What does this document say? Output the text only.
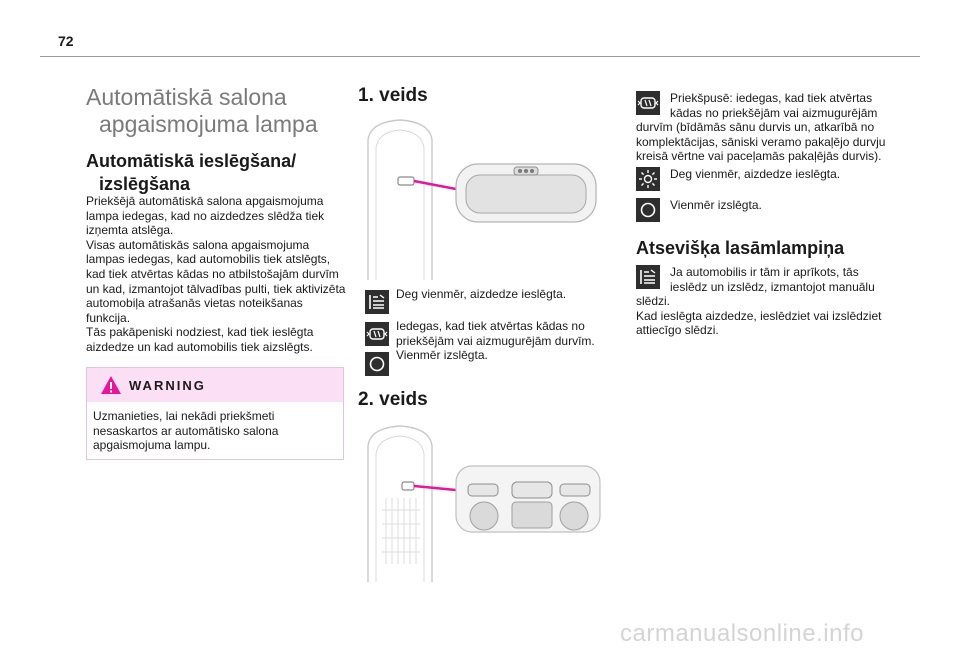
72
Automātiskā salona
apgaismojuma lampa
Automātiskā ieslēgšana/
izslēgšana
Priekšējā automātiskā salona apgaismojuma
lampa iedegas, kad no aizdedzes slēdža tiek
izņemta atslēga.
Visas automātiskās salona apgaismojuma
lampas iedegas, kad automobilis tiek atslēgts,
kad tiek atvērtas kādas no atbilstošajām durvīm
un kad, izmantojot tālvadības pulti, tiek aktivizēta
automobiļa atrašanās vietas noteikšanas
funkcija.
Tās pakāpeniski nodziest, kad tiek ieslēgta
aizdedze un kad automobilis tiek aizslēgts.
WARNING
Uzmanieties, lai nekādi priekšmeti
nesaskartos ar automātisko salona
apgaismojuma lampu.
1. veids
Deg vienmēr, aizdedze ieslēgta.
Iedegas, kad tiek atvērtas kādas no
priekšējām vai aizmugurējām durvīm.
Vienmēr izslēgta.
2. veids
Priekšpusē: iedegas, kad tiek atvērtas
kādas no priekšējām vai aizmugurējām
durvīm (bīdāmās sānu durvis un, atkarībā no
komplektācijas, sāniski veramo pakaļējo durvju
kreisā vērtne vai paceļamās pakaļējās durvis).
Deg vienmēr, aizdedze ieslēgta.
Vienmēr izslēgta.
Atsevišķa lasāmlampiņa
Ja automobilis ir tām ir aprīkots, tās
ieslēdz un izslēdz, izmantojot manuālu
slēdzi.
Kad ieslēgta aizdedze, ieslēdziet vai izslēdziet
attiecīgo slēdzi.
carmanualsonline.info
